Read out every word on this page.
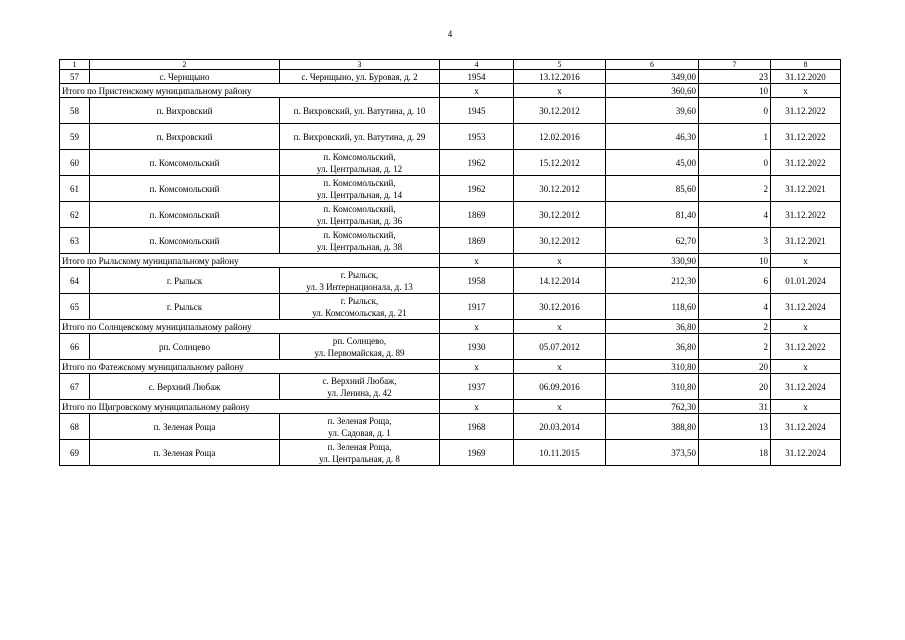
4
1	2	3	4	5	6	7	8
57	с. Чернщыно	с. Чернщыно, ул. Буровая, д. 2	1954	13.12.2016	349,00	23	31.12.2020
Итого по Пристенскому муниципальному району			х	х	360,60	10	х
58	п. Вихровский	п. Вихровский, ул. Ватутина, д. 10	1945	30.12.2012	39,60	0	31.12.2022
59	п. Вихровский	п. Вихровский, ул. Ватутина, д. 29	1953	12.02.2016	46,30	1	31.12.2022
60	п. Комсомольский	п. Комсомольский,
ул. Центральная, д. 12	1962	15.12.2012	45,00	0	31.12.2022
61	п. Комсомольский	п. Комсомольский,
ул. Центральная, д. 14	1962	30.12.2012	85,60	2	31.12.2021
62	п. Комсомольский	п. Комсомольский,
ул. Центральная, д. 36	1869	30.12.2012	81,40	4	31.12.2022
63	п. Комсомольский	п. Комсомольский,
ул. Центральная, д. 38	1869	30.12.2012	62,70	3	31.12.2021
Итого по Рыльскому муниципальному району			х	х	330,90	10	х
64	г. Рыльск	г. Рыльск,
ул. 3 Интернационала, д. 13	1958	14.12.2014	212,30	6	01.01.2024
65	г. Рыльск	г. Рыльск,
ул. Комсомольская, д. 21	1917	30.12.2016	118,60	4	31.12.2024
Итого по Солнцевскому муниципальному району			х	х	36,80	2	х
66	рп. Солнцево	рп. Солнцево,
ул. Первомайская, д. 89	1930	05.07.2012	36,80	2	31.12.2022
Итого по Фатежскому муниципальному району			х	х	310,80	20	х
67	с. Верхний Любаж	с. Верхний Любаж,
ул. Ленина, д. 42	1937	06.09.2016	310,80	20	31.12.2024
Итого по Щигровскому муниципальному району			х	х	762,30	31	х
68	п. Зеленая Роща	п. Зеленая Роща,
ул. Садовая, д. 1	1968	20.03.2014	388,80	13	31.12.2024
69	п. Зеленая Роща	п. Зеленая Роща,
ул. Центральная, д. 8	1969	10.11.2015	373,50	18	31.12.2024
